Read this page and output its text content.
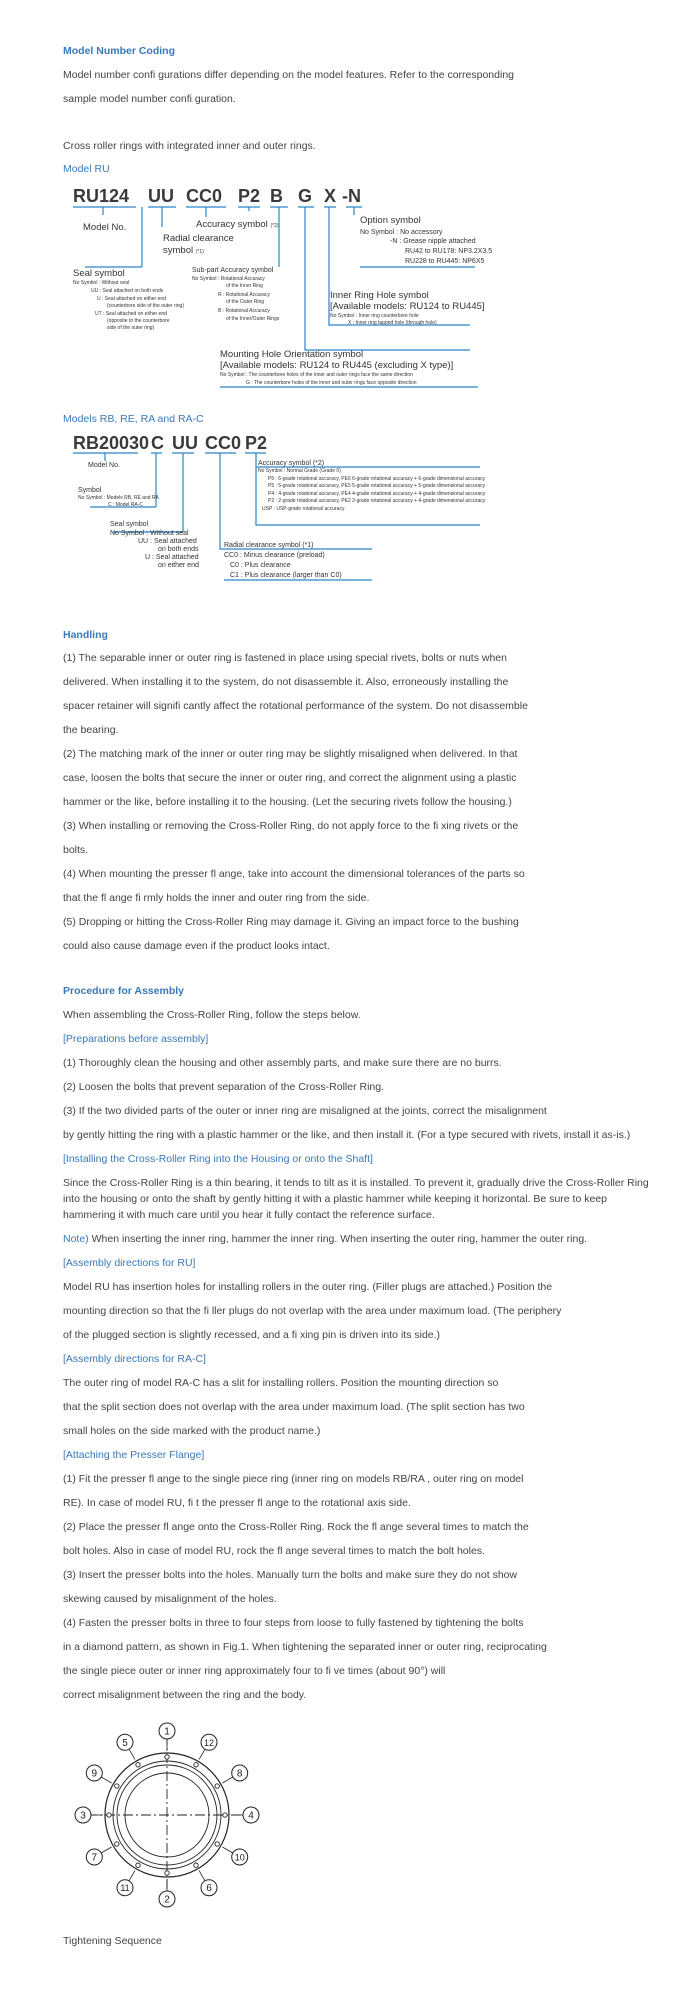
Model Number Coding
Model number confi gurations differ depending on the model features. Refer to the corresponding
sample model number confi guration.
Cross roller rings with integrated inner and outer rings.
Model RU
RU124 UU CC0 P2 B G X -N
Model No.	Accuracy symbol (*2)
Radial clearance
symbol (*1)
Seal symbol
No Symbol : Without seal
UU : Seal attached on both ends
U : Seal attached on either end
(counterbore side of the outer ring)
UT : Seal attached on either end
(opposite to the counterbore
side of the outer ring)
Sub-part Accuracy symbol
No Symbol : Rotational Accuracy
of the Inner Ring
R : Rotational Accuracy
of the Outer Ring
B : Rotational Accuracy
of the Inner/Outer Rings
Option symbol
No Symbol : No accessory
-N : Grease nipple attached
RU42 to RU178: NP3.2X3.5
RU228 to RU445: NP6X5
Inner Ring Hole symbol
[Available models: RU124 to RU445]
No Symbol : Inner ring counterbore hole
X : Inner ring tapped hole (through hole)
Mounting Hole Orientation symbol
[Available models: RU124 to RU445 (excluding X type)]
No Symbol : The counterbore holes of the inner and outer rings face the same direction
G : The counterbore holes of the inner and outer rings face opposite direction
Models RB, RE, RA and RA-C
RB20030 C UU CC0 P2
Model No.
Symbol
No Symbol : Models RB, RE and RA
C : Model RA-C
Seal symbol
No Symbol : Without seal
UU : Seal attached
on both ends
U : Seal attached
on either end
Accuracy symbol (*2)
No Symbol : Normal Grade (Grade 0)
P5 : 6-grade rotational accuracy, PE6 6-grade rotational accuracy + 6-grade dimensional accuracy
P5 : 5-grade rotational accuracy, PE5 5-grade rotational accuracy + 5-grade dimensional accuracy
P4 : 4-grade rotational accuracy, PE4 4-grade rotational accuracy + 4-grade dimensional accuracy
P2 : 2-grade rotational accuracy, PE2 2-grade rotational accuracy + 4-grade dimensional accuracy
USP : USP-grade rotational accuracy
Radial clearance symbol (*1)
CC0 : Minus clearance (preload)
C0 : Plus clearance
C1 : Plus clearance (larger than C0)
Handling
(1) The separable inner or outer ring is fastened in place using special rivets, bolts or nuts when
delivered. When installing it to the system, do not disassemble it. Also, erroneously installing the
spacer retainer will signifi cantly affect the rotational performance of the system. Do not disassemble
the bearing.
(2) The matching mark of the inner or outer ring may be slightly misaligned when delivered. In that
case, loosen the bolts that secure the inner or outer ring, and correct the alignment using a plastic
hammer or the like, before installing it to the housing. (Let the securing rivets follow the housing.)
(3) When installing or removing the Cross-Roller Ring, do not apply force to the fi xing rivets or the
bolts.
(4) When mounting the presser fl ange, take into account the dimensional tolerances of the parts so
that the fl ange fi rmly holds the inner and outer ring from the side.
(5) Dropping or hitting the Cross-Roller Ring may damage it. Giving an impact force to the bushing
could also cause damage even if the product looks intact.
Procedure for Assembly
When assembling the Cross-Roller Ring, follow the steps below.
[Preparations before assembly]
(1) Thoroughly clean the housing and other assembly parts, and make sure there are no burrs.
(2) Loosen the bolts that prevent separation of the Cross-Roller Ring.
(3) If the two divided parts of the outer or inner ring are misaligned at the joints, correct the misalignment
by gently hitting the ring with a plastic hammer or the like, and then install it. (For a type secured with rivets, install it as-is.)
[Installing the Cross-Roller Ring into the Housing or onto the Shaft]
Since the Cross-Roller Ring is a thin bearing, it tends to tilt as it is installed. To prevent it, gradually drive the Cross-Roller Ring
into the housing or onto the shaft by gently hitting it with a plastic hammer while keeping it horizontal. Be sure to keep
hammering it with much care until you hear it fully contact the reference surface.
Note) When inserting the inner ring, hammer the inner ring. When inserting the outer ring, hammer the outer ring.
[Assembly directions for RU]
Model RU has insertion holes for installing rollers in the outer ring. (Filler plugs are attached.) Position the
mounting direction so that the fi ller plugs do not overlap with the area under maximum load. (The periphery
of the plugged section is slightly recessed, and a fi xing pin is driven into its side.)
[Assembly directions for RA-C]
The outer ring of model RA-C has a slit for installing rollers. Position the mounting direction so
that the split section does not overlap with the area under maximum load. (The split section has two
small holes on the side marked with the product name.)
[Attaching the Presser Flange]
(1) Fit the presser fl ange to the single piece ring (inner ring on models RB/RA , outer ring on model
RE). In case of model RU, fi t the presser fl ange to the rotational axis side.
(2) Place the presser fl ange onto the Cross-Roller Ring. Rock the fl ange several times to match the
bolt holes. Also in case of model RU, rock the fl ange several times to match the bolt holes.
(3) Insert the presser bolts into the holes. Manually turn the bolts and make sure they do not show
skewing caused by misalignment of the holes.
(4) Fasten the presser bolts in three to four steps from loose to fully fastened by tightening the bolts
in a diamond pattern, as shown in Fig.1. When tightening the separated inner or outer ring, reciprocating
the single piece outer or inner ring approximately four to fi ve times (about 90°) will
correct misalignment between the ring and the body.
1
12
8
4
10
6
2
11
7
3
9
5
Tightening Sequence
